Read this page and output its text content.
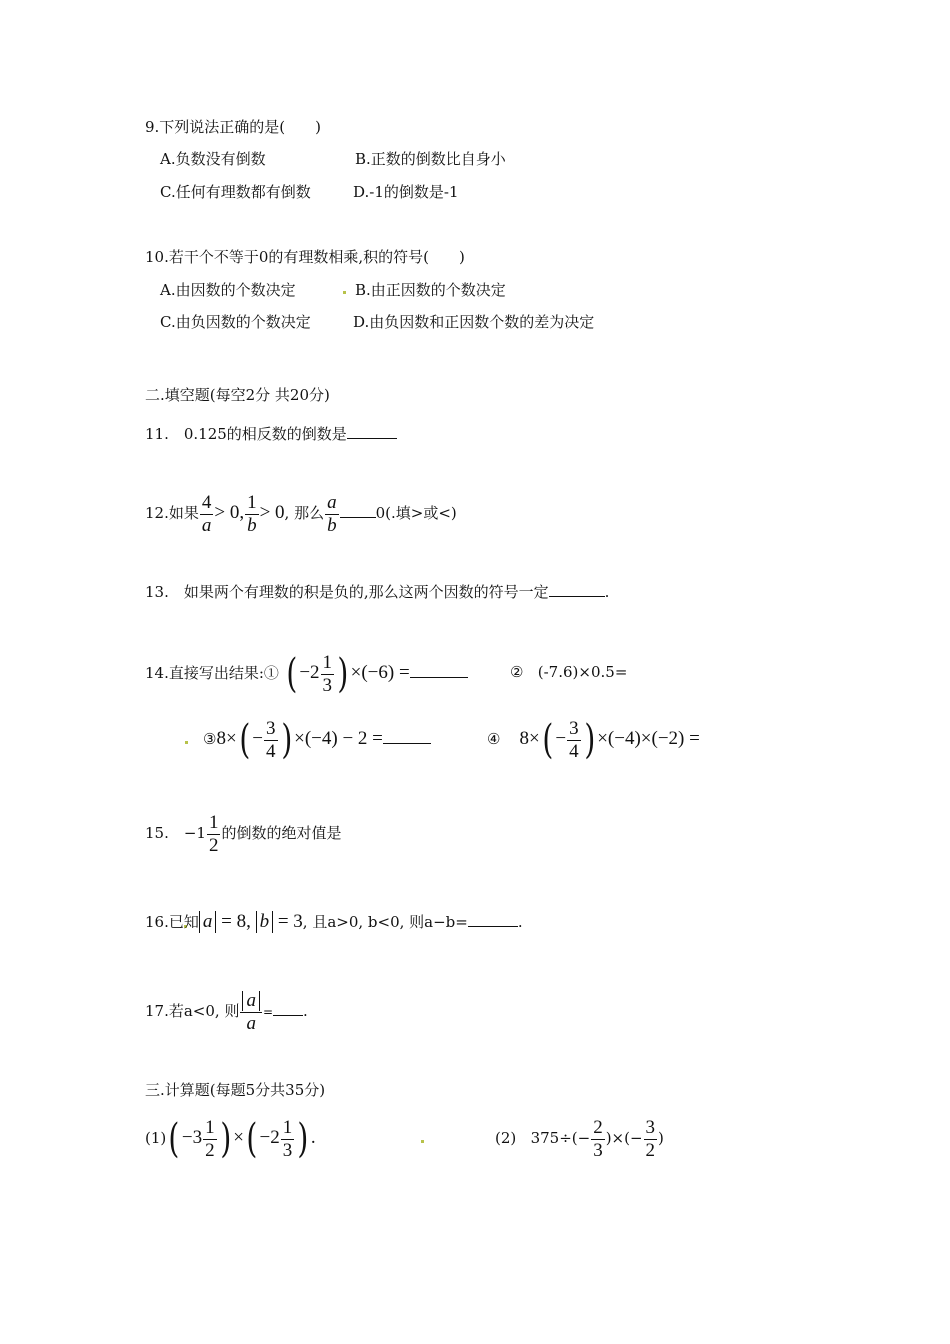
9.下列说法正确的是(　　)
A.负数没有倒数	B.正数的倒数比自身小
C.任何有理数都有倒数	D.-1的倒数是-1
10.若干个不等于0的有理数相乘,积的符号(　　)
A.由因数的个数决定	B.由正因数的个数决定
C.由负因数的个数决定	D.由负因数和正因数个数的差为决定
二.填空题(每空2分 共20分)
11. 0.125的相反数的倒数是
12.如果 $\frac{4}{a} > 0$, $\frac{1}{b} > 0$, 那么 $\frac{a}{b} 0$(.填>或<)
13. 如果两个有理数的积是负的,那么这两个因数的符号一定	.
14.直接写出结果:① ( $-2 \frac{1}{3}$ ) ×(−6) =	② (-7.6)×0.5=
③8×( − $\frac{3}{4}$ ) ×(−4) − 2 =	④ $8\times( - \frac{3}{4}$ ) ×(−4)×(−2) =
15. $-1 \frac{1}{2}$ 的倒数的绝对值是
16.已知 a = 8, b = 3, 且a>0, b<0, 则a−b=	.
17.若a<0, 则 $\frac{a}{a}$ = .
三.计算题(每题5分共35分)
$(1)( -3 \frac{1}{2}$ ) ×( $-2 \frac{1}{3}$ ) .	(2) $375\div(- \frac{2}{3}$ )×(− $\frac{3}{2}$ )
